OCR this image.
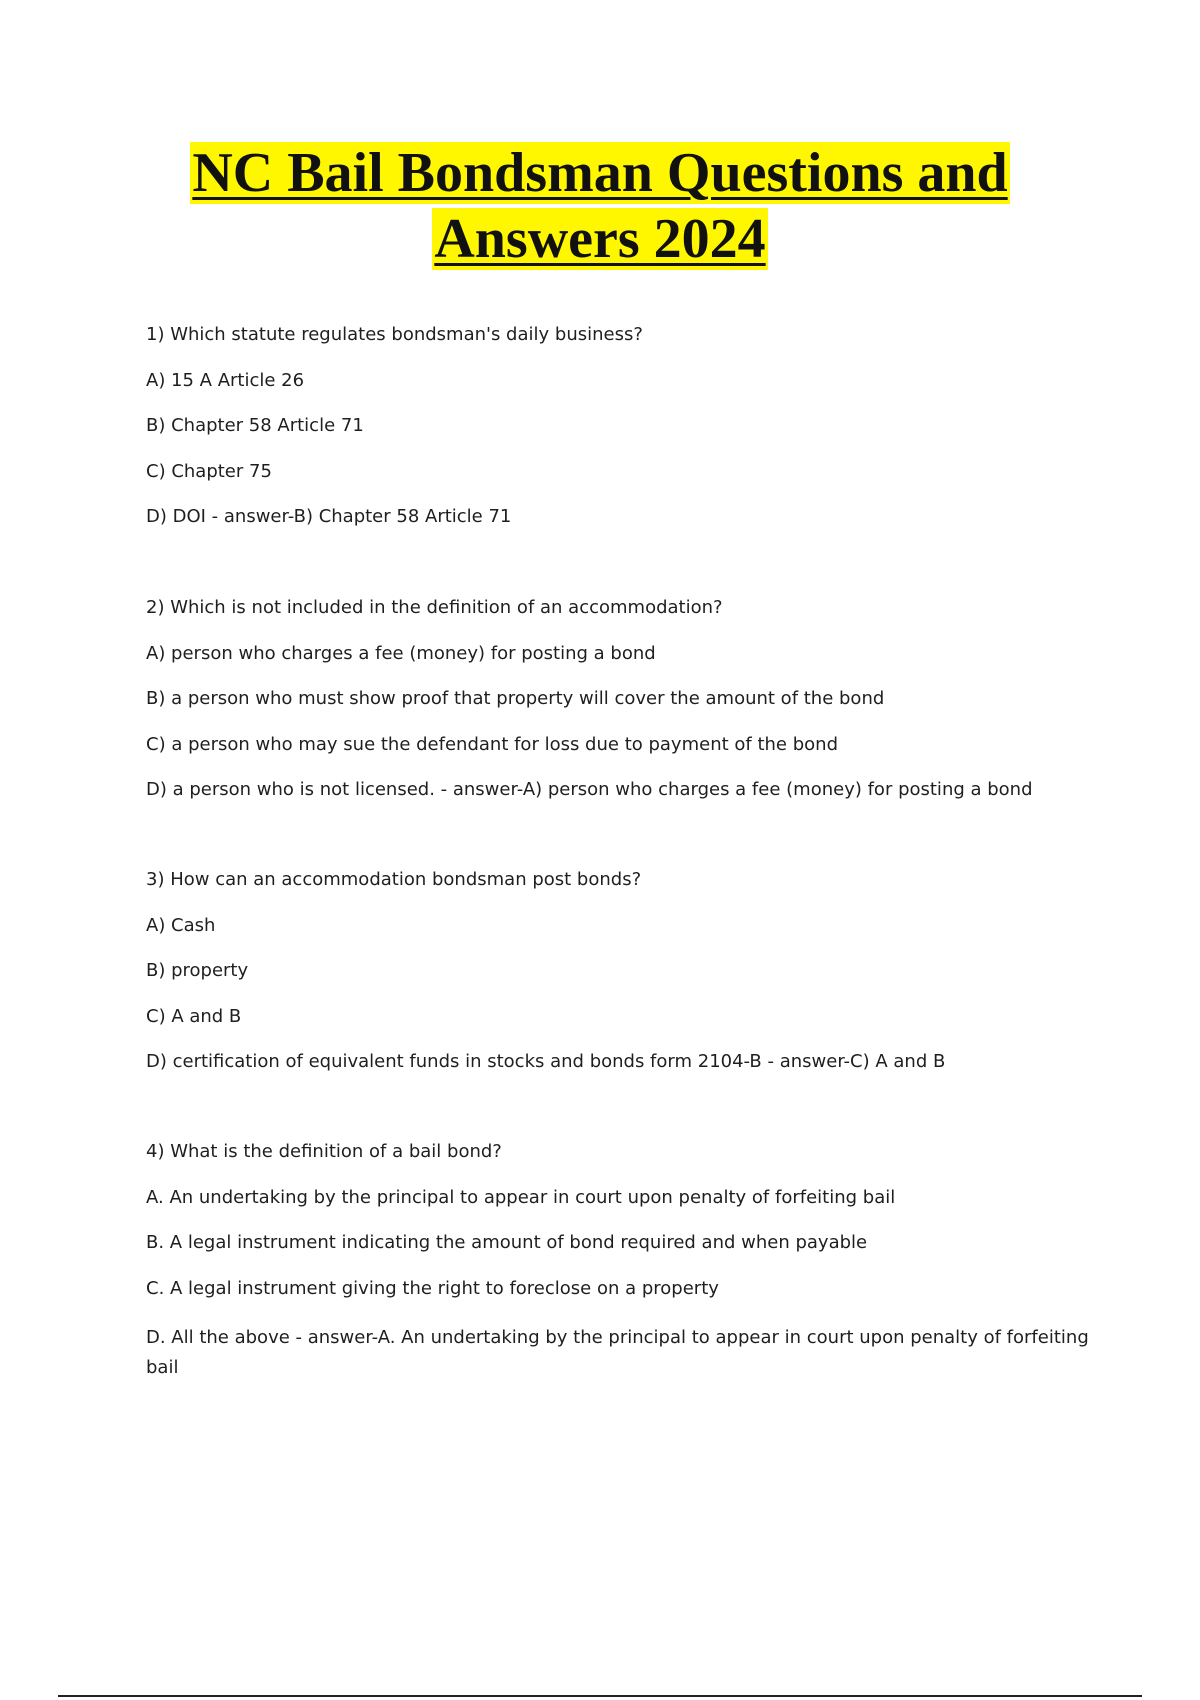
NC Bail Bondsman Questions and
Answers 2024

1) Which statute regulates bondsman's daily business?

A) 15 A Article 26

B) Chapter 58 Article 71

C) Chapter 75

D) DOI - answer-B) Chapter 58 Article 71

2) Which is not included in the definition of an accommodation?

A) person who charges a fee (money) for posting a bond

B) a person who must show proof that property will cover the amount of the bond

C) a person who may sue the defendant for loss due to payment of the bond

D) a person who is not licensed. - answer-A) person who charges a fee (money) for posting a bond

3) How can an accommodation bondsman post bonds?

A) Cash

B) property

C) A and B

D) certification of equivalent funds in stocks and bonds form 2104-B - answer-C) A and B

4) What is the definition of a bail bond?

A. An undertaking by the principal to appear in court upon penalty of forfeiting bail

B. A legal instrument indicating the amount of bond required and when payable

C. A legal instrument giving the right to foreclose on a property

D. All the above - answer-A. An undertaking by the principal to appear in court upon penalty of forfeiting bail
